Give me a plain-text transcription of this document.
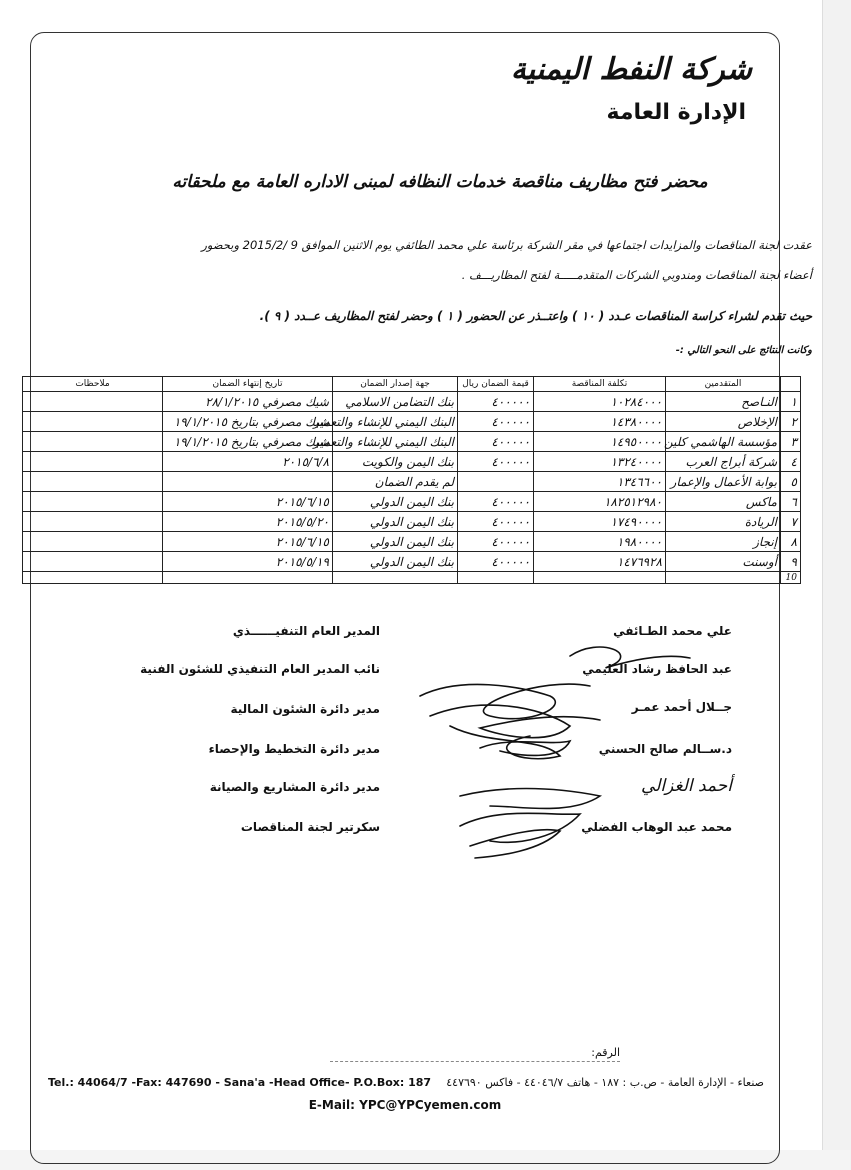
شركة النفط اليمنية
الإدارة العامة
محضر فتح مظاريف مناقصة خدمات النظافه لمبنى الاداره العامة مع ملحقاته
عقدت لجنة المناقصات والمزايدات اجتماعها في مقر الشركة برئاسة علي محمد الطائفي يوم الاثنين الموافق 9 /2015/2 وبحضور
أعضاء لجنة المناقصات ومندوبي الشركات المتقدمـــــة لفتح المظاريـــف .
حيث تقدم لشراء كراسة المناقصات عـدد ( ١٠ ) واعتــذر عن الحضور ( ١ ) وحضر لفتح المظاريف عــدد ( ٩ ).
وكانت النتائج على النحو التالي :-
	المتقدمين	تكلفة المناقصة	قيمة الضمان ريال	جهة إصدار الضمان	تاريخ إنتهاء الضمان	ملاحظات
١	النـاصح	١٠٢٨٤٠٠٠	٤٠٠٠٠٠	بنك التضامن الاسلامي	شيك مصرفي ٢٨/١/٢٠١٥	
٢	الإخلاص	١٤٣٨٠٠٠٠	٤٠٠٠٠٠	البنك اليمني للإنشاء والتعمير	شيك مصرفي بتاريخ ١٩/١/٢٠١٥	
٣	مؤسسة الهاشمي كلين	١٤٩٥٠٠٠٠	٤٠٠٠٠٠	البنك اليمني للإنشاء والتعمير	شيك مصرفي بتاريخ ١٩/١/٢٠١٥	
٤	شركة أبراج العرب	١٣٢٤٠٠٠٠	٤٠٠٠٠٠	بنك اليمن والكويت	٢٠١٥/٦/٨	
٥	بوابة الأعمال والإعمار	١٣٤٦٦٠٠		لم يقدم الضمان		
٦	ماكس	١٨٢٥١٢٩٨٠	٤٠٠٠٠٠	بنك اليمن الدولي	٢٠١٥/٦/١٥	
٧	الريادة	١٧٤٩٠٠٠٠	٤٠٠٠٠٠	بنك اليمن الدولي	٢٠١٥/٥/٢٠	
٨	إنجاز	١٩٨٠٠٠٠	٤٠٠٠٠٠	بنك اليمن الدولي	٢٠١٥/٦/١٥	
٩	أوسنت	١٤٧٦٩٢٨	٤٠٠٠٠٠	بنك اليمن الدولي	٢٠١٥/٥/١٩	
10						
علي محمد الطـائفي
عبد الحافظ رشاد العليمي
جــلال أحمد عمـر
د.ســالم صالح الحسني
أحمد الغزالي
محمد عبد الوهاب الفضلي
المدير العام التنفيــــــذي
نائب المدير العام التنفيذي للشئون الفنية
مدير دائرة الشئون المالية
مدير دائرة التخطيط والإحصاء
مدير دائرة المشاريع والصيانة
سكرتير لجنة المناقصات
الرقم:
Tel.: 44064/7 -Fax: 447690 - Sana'a -Head Office- P.O.Box: 187 صنعاء - الإدارة العامة - ص.ب : ١٨٧ - هاتف ٤٤٠٤٦/٧ - فاكس ٤٤٧٦٩٠
E-Mail: YPC@YPCyemen.com
